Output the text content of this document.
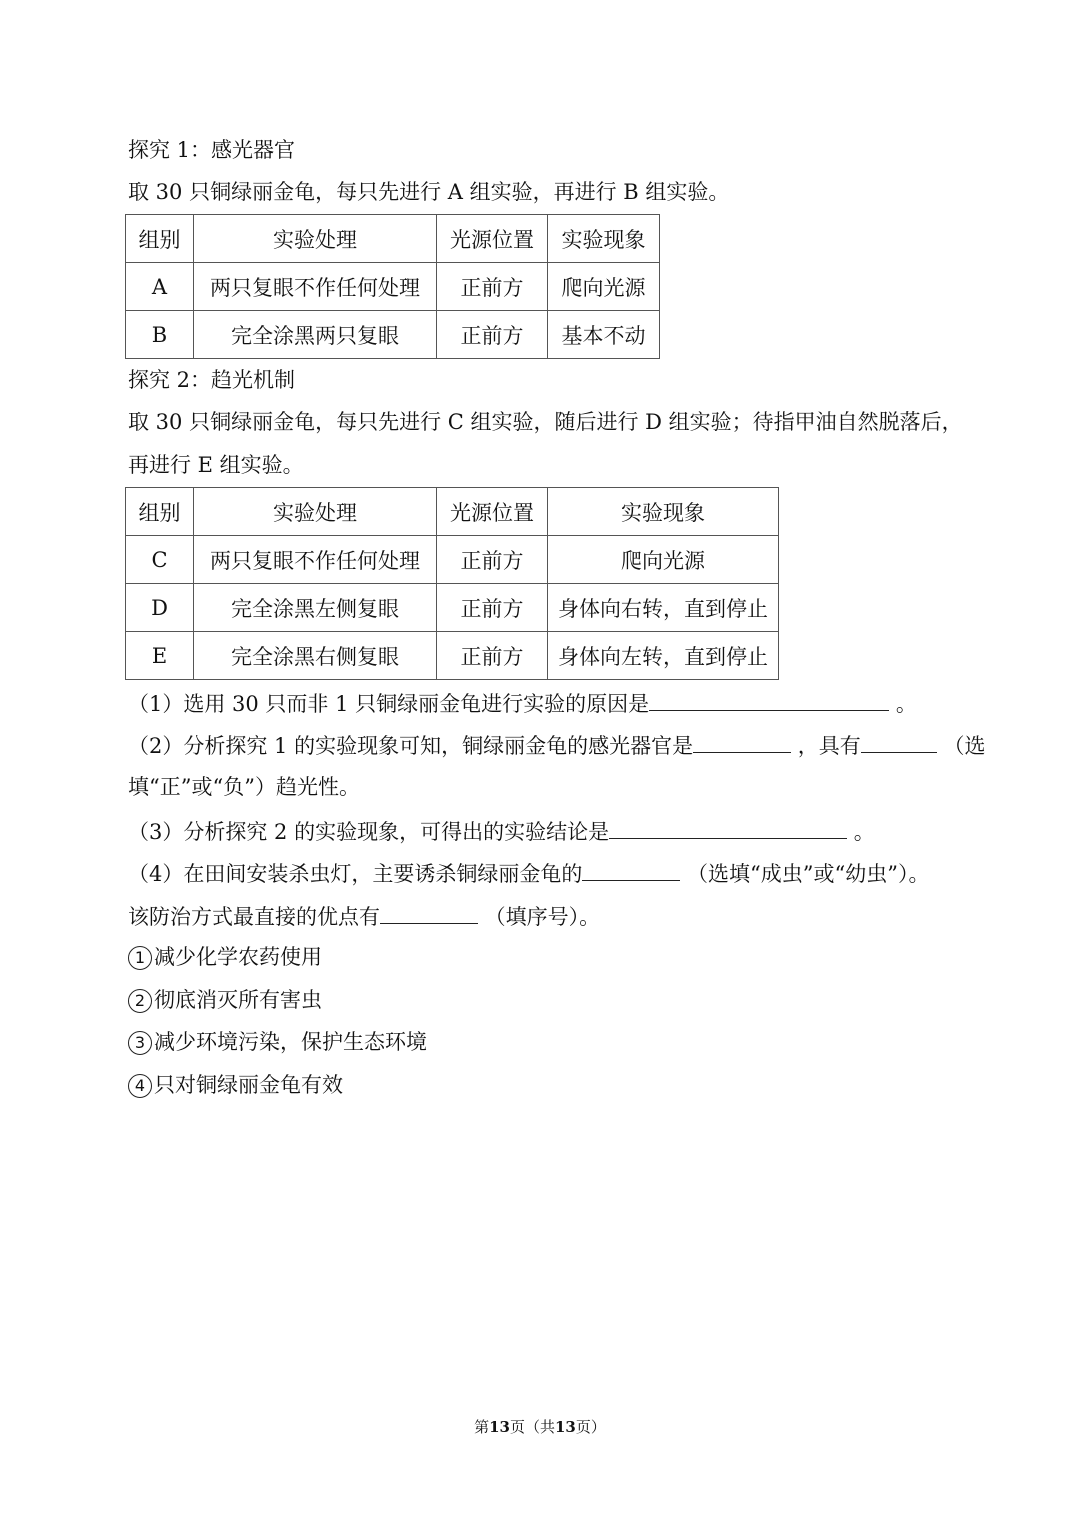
探究 1：感光器官
取 30 只铜绿丽金龟，每只先进行 A 组实验，再进行 B 组实验。
组别	实验处理	光源位置	实验现象
A	两只复眼不作任何处理	正前方	爬向光源
B	完全涂黑两只复眼	正前方	基本不动
探究 2：趋光机制
取 30 只铜绿丽金龟，每只先进行 C 组实验，随后进行 D 组实验；待指甲油自然脱落后，
再进行 E 组实验。
组别	实验处理	光源位置	实验现象
C	两只复眼不作任何处理	正前方	爬向光源
D	完全涂黑左侧复眼	正前方	身体向右转，直到停止
E	完全涂黑右侧复眼	正前方	身体向左转，直到停止
（1）选用 30 只而非 1 只铜绿丽金龟进行实验的原因是	。
（2）分析探究 1 的实验现象可知，铜绿丽金龟的感光器官是	，具有	（选
填“正”或“负”）趋光性。
（3）分析探究 2 的实验现象，可得出的实验结论是	。
（4）在田间安装杀虫灯，主要诱杀铜绿丽金龟的	（选填“成虫”或“幼虫”）。
该防治方式最直接的优点有	（填序号）。
1 减少化学农药使用
2 彻底消灭所有害虫
3 减少环境污染，保护生态环境
4 只对铜绿丽金龟有效
第13页（共13页）
